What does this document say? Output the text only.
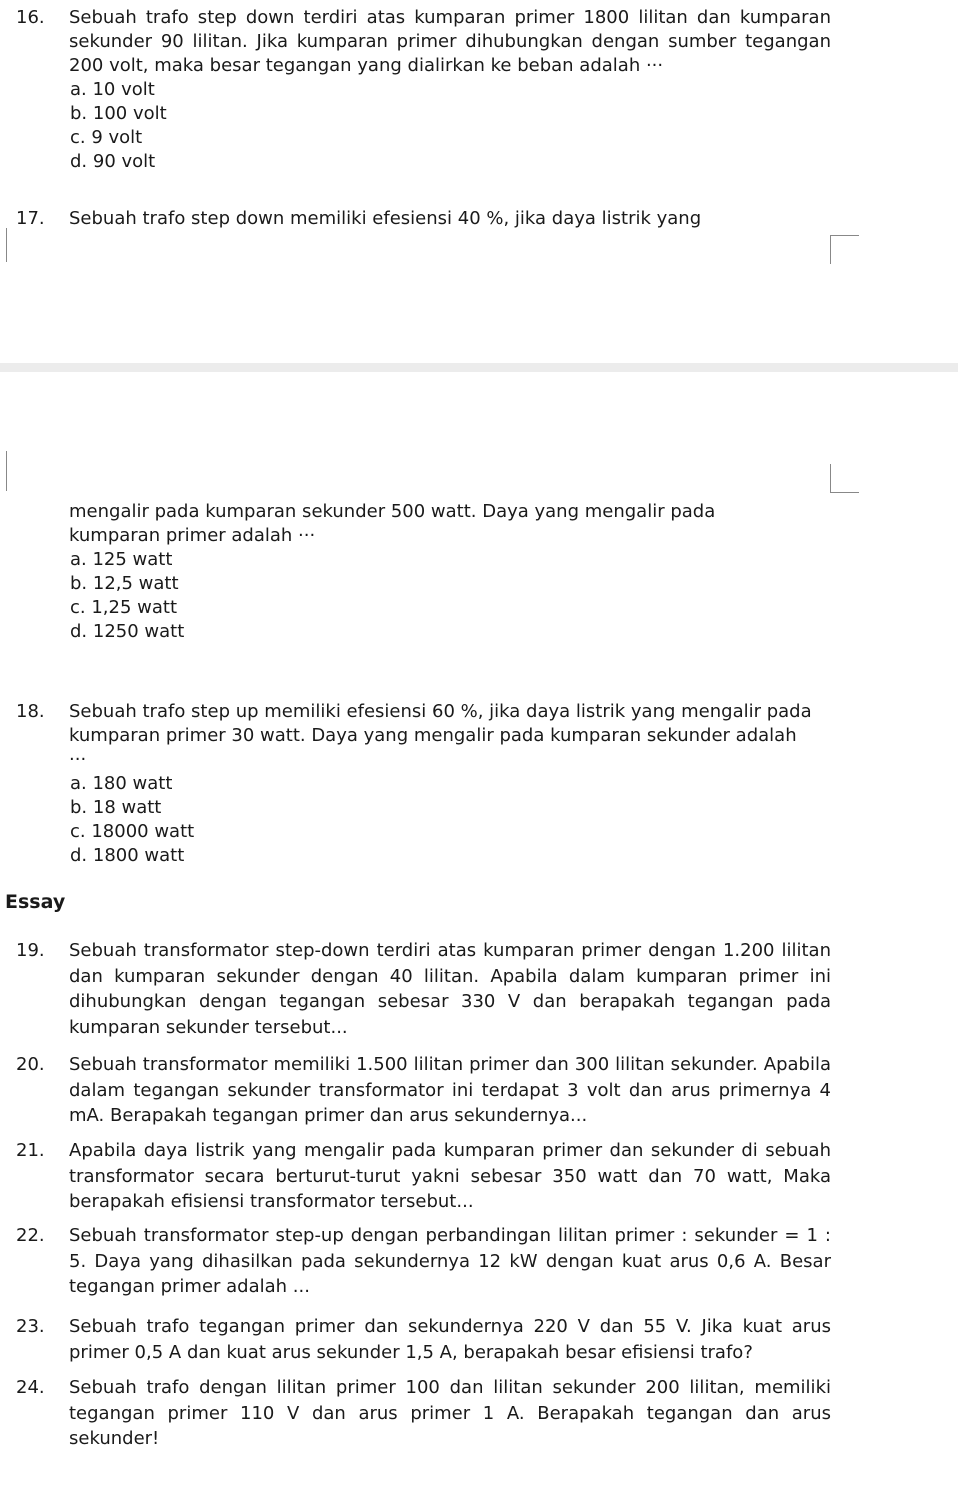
16.	Sebuah trafo step down terdiri atas kumparan primer 1800 lilitan dan kumparan sekunder 90 lilitan. Jika kumparan primer dihubungkan dengan sumber tegangan 200 volt, maka besar tegangan yang dialirkan ke beban adalah ···
a. 10 volt
b. 100 volt
c. 9 volt
d. 90 volt
17.	Sebuah trafo step down memiliki efesiensi 40 %, jika daya listrik yang
mengalir pada kumparan sekunder 500 watt. Daya yang mengalir pada kumparan primer adalah ···
a. 125 watt
b. 12,5 watt
c. 1,25 watt
d. 1250 watt
18.	Sebuah trafo step up memiliki efesiensi 60 %, jika daya listrik yang mengalir pada kumparan primer 30 watt. Daya yang mengalir pada kumparan sekunder adalah ···
a. 180 watt
b. 18 watt
c. 18000 watt
d. 1800 watt
Essay
19.	Sebuah transformator step-down terdiri atas kumparan primer dengan 1.200 lilitan dan kumparan sekunder dengan 40 lilitan. Apabila dalam kumparan primer ini dihubungkan dengan tegangan sebesar 330 V dan berapakah tegangan pada kumparan sekunder tersebut...
20.	Sebuah transformator memiliki 1.500 lilitan primer dan 300 lilitan sekunder. Apabila dalam tegangan sekunder transformator ini terdapat 3 volt dan arus primernya 4 mA. Berapakah tegangan primer dan arus sekundernya...
21.	Apabila daya listrik yang mengalir pada kumparan primer dan sekunder di sebuah transformator secara berturut-turut yakni sebesar 350 watt dan 70 watt, Maka berapakah efisiensi transformator tersebut...
22.	Sebuah transformator step-up dengan perbandingan lilitan primer : sekunder = 1 : 5. Daya yang dihasilkan pada sekundernya 12 kW dengan kuat arus 0,6 A. Besar tegangan primer adalah ...
23.	Sebuah trafo tegangan primer dan sekundernya 220 V dan 55 V. Jika kuat arus primer 0,5 A dan kuat arus sekunder 1,5 A, berapakah besar efisiensi trafo?
24.	Sebuah trafo dengan lilitan primer 100 dan lilitan sekunder 200 lilitan, memiliki tegangan primer 110 V dan arus primer 1 A. Berapakah tegangan dan arus sekunder!
